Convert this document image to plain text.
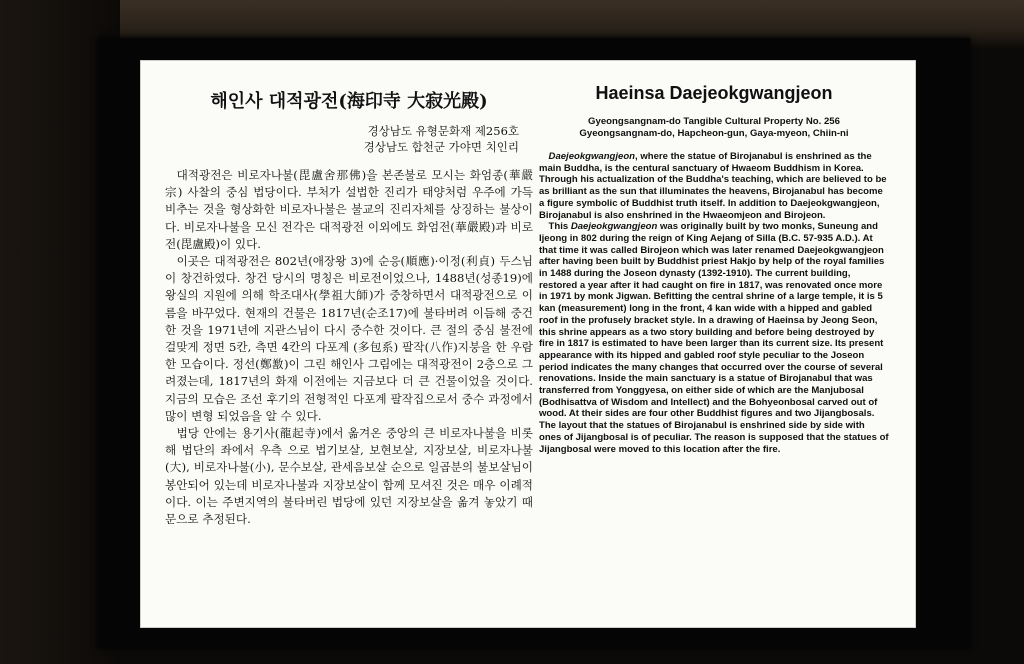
해인사 대적광전(海印寺 大寂光殿)
경상남도 유형문화재 제256호
경상남도 합천군 가야면 치인리

대적광전은 비로자나불(毘盧舍那佛)을 본존불로 모시는 화엄종(華嚴宗) 사찰의 중심 법당이다. 부처가 설법한 진리가 태양처럼 우주에 가득 비추는 것을 형상화한 비로자나불은 불교의 진리자체를 상징하는 불상이다. 비로자나불을 모신 전각은 대적광전 이외에도 화엄전(華嚴殿)과 비로전(毘盧殿)이 있다.

이곳은 대적광전은 802년(애장왕 3)에 순응(順應)·이정(利貞) 두스님이 창건하였다. 창건 당시의 명칭은 비로전이었으나, 1488년(성종19)에 왕실의 지원에 의해 학조대사(學祖大師)가 중창하면서 대적광전으로 이름을 바꾸었다. 현재의 건물은 1817년(순조17)에 불타버려 이듬해 중건한 것을 1971년에 지관스님이 다시 중수한 것이다. 큰 절의 중심 불전에 걸맞게 정면 5칸, 측면 4칸의 다포계 (多包系) 팔작(八作)지붕을 한 우람한 모습이다. 정선(鄭敾)이 그린 해인사 그림에는 대적광전이 2층으로 그려졌는데, 1817년의 화재 이전에는 지금보다 더 큰 건물이었을 것이다. 지금의 모습은 조선 후기의 전형적인 다포계 팔작집으로서 중수 과정에서 많이 변형 되었음을 알 수 있다.

법당 안에는 용기사(龍起寺)에서 옮겨온 중앙의 큰 비로자나불을 비롯해 법단의 좌에서 우측 으로 법기보살, 보현보살, 지장보살, 비로자나불(大), 비로자나불(小), 문수보살, 관세음보살 순으로 일곱분의 불보살님이 봉안되어 있는데 비로자나불과 지장보살이 함께 모셔진 것은 매우 이례적이다. 이는 주변지역의 불타버린 법당에 있던 지장보살을 옮겨 놓았기 때문으로 추정된다.

Haeinsa Daejeokgwangjeon
Gyeongsangnam-do Tangible Cultural Property No. 256
Gyeongsangnam-do, Hapcheon-gun, Gaya-myeon, Chiin-ni

Daejeokgwangjeon, where the statue of Birojanabul is enshrined as the main Buddha, is the centural sanctuary of Hwaeom Buddhism in Korea. Through his actualization of the Buddha's teaching, which are believed to be as brilliant as the sun that illuminates the heavens, Birojanabul has become a figure symbolic of Buddhist truth itself. In addition to Daejeokgwangjeon, Birojanabul is also enshrined in the Hwaeomjeon and Birojeon.

This Daejeokgwangjeon was originally built by two monks, Suneung and Ijeong in 802 during the reign of King Aejang of Silla (B.C. 57-935 A.D.). At that time it was called Birojeon which was later renamed Daejeokgwangjeon after having been built by Buddhist priest Hakjo by help of the royal families in 1488 during the Joseon dynasty (1392-1910). The current building, restored a year after it had caught on fire in 1817, was renovated once more in 1971 by monk Jigwan. Befitting the central shrine of a large temple, it is 5 kan (measurement) long in the front, 4 kan wide with a hipped and gabled roof in the profusely bracket style. In a drawing of Haeinsa by Jeong Seon, this shrine appears as a two story building and before being destroyed by fire in 1817 is estimated to have been larger than its current size. Its present appearance with its hipped and gabled roof style peculiar to the Joseon period indicates the many changes that occurred over the course of several renovations. Inside the main sanctuary is a statue of Birojanabul that was transferred from Yonggyesa, on either side of which are the Manjubosal (Bodhisattva of Wisdom and Intellect) and the Bohyeonbosal carved out of wood. At their sides are four other Buddhist figures and two Jijangbosals. The layout that the statues of Birojanabul is enshrined side by side with ones of Jijangbosal is of peculiar. The reason is supposed that the statues of Jijangbosal were moved to this location after the fire.
